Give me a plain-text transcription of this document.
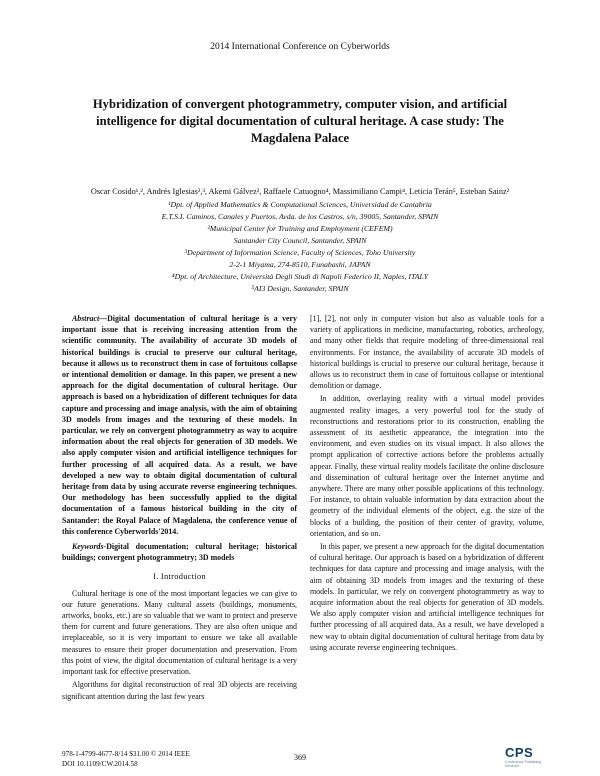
2014 International Conference on Cyberworlds
Hybridization of convergent photogrammetry, computer vision, and artificial intelligence for digital documentation of cultural heritage. A case study: The Magdalena Palace
Oscar Cosido¹,², Andrés Iglesias²,³, Akemi Gálvez², Raffaele Catuogno⁴, Massimiliano Campi⁴, Leticia Terán⁵, Esteban Sainz²
¹Dpt. of Applied Mathematics & Computational Sciences, Universidad de Cantabria
E.T.S.I. Caminos, Canales y Puertos, Avda. de los Castros, s/n, 39005, Santander, SPAIN
²Municipal Center for Training and Employment (CEFEM)
Santander City Council, Santander, SPAIN
³Department of Information Science, Faculty of Sciences, Toho University
2-2-1 Miyama, 274-8510, Funabashi, JAPAN
⁴Dpt. of Architecture, Università Degli Studi di Napoli Federico II, Naples, ITALY
⁵AI3 Design, Santander, SPAIN

Abstract—Digital documentation of cultural heritage is a very important issue that is receiving increasing attention from the scientific community. The availability of accurate 3D models of historical buildings is crucial to preserve our cultural heritage, because it allows us to reconstruct them in case of fortuitous collapse or intentional demolition or damage. In this paper, we present a new approach for the digital documentation of cultural heritage. Our approach is based on a hybridization of different techniques for data capture and processing and image analysis, with the aim of obtaining 3D models from images and the texturing of these models. In particular, we rely on convergent photogrammetry as way to acquire information about the real objects for generation of 3D models. We also apply computer vision and artificial intelligence techniques for further processing of all acquired data. As a result, we have developed a new way to obtain digital documentation of cultural heritage from data by using accurate reverse engineering techniques. Our methodology has been successfully applied to the digital documentation of a famous historical building in the city of Santander: the Royal Palace of Magdalena, the conference venue of this conference Cyberworlds'2014.

Keywords-Digital documentation; cultural heritage; historical buildings; convergent photogrammetry; 3D models

I. Introduction

Cultural heritage is one of the most important legacies we can give to our future generations. Many cultural assets (buildings, monuments, artworks, books, etc.) are so valuable that we want to protect and preserve them for current and future generations. They are also often unique and irreplaceable, so it is very important to ensure we take all available measures to ensure their proper documentation and preservation. From this point of view, the digital documentation of cultural heritage is a very important task for effective preservation.

Algorithms for digital reconstruction of real 3D objects are receiving significant attention during the last few years

[1], [2], not only in computer vision but also as valuable tools for a variety of applications in medicine, manufacturing, robotics, archeology, and many other fields that require modeling of three-dimensional real environments. For instance, the availability of accurate 3D models of historical buildings is crucial to preserve our cultural heritage, because it allows us to reconstruct them in case of fortuitous collapse or intentional demolition or damage.

In addition, overlaying reality with a virtual model provides augmented reality images, a very powerful tool for the study of reconstructions and restorations prior to its construction, enabling the assessment of its aesthetic appearance, the integration into the environment, and even studies on its visual impact. It also allows the prompt application of corrective actions before the problems actually appear. Finally, these virtual reality models facilitate the online disclosure and dissemination of cultural heritage over the Internet anytime and anywhere. There are many other possible applications of this technology. For instance, to obtain valuable information by data extraction about the geometry of the individual elements of the object, e.g. the size of the blocks of a building, the position of their center of gravity, volume, orientation, and so on.

In this paper, we present a new approach for the digital documentation of cultural heritage. Our approach is based on a hybridization of different techniques for data capture and processing and image analysis, with the aim of obtaining 3D models from images and the texturing of these models. In particular, we rely on convergent photogrammetry as way to acquire information about the real objects for generation of 3D models. We also apply computer vision and artificial intelligence techniques for further processing of all acquired data. As a result, we have developed a new way to obtain digital documentation of cultural heritage from data by using accurate reverse engineering techniques.

978-1-4799-4677-8/14 $31.00 © 2014 IEEE
DOI 10.1109/CW.2014.58
369	CPS
Conference Publishing Services
